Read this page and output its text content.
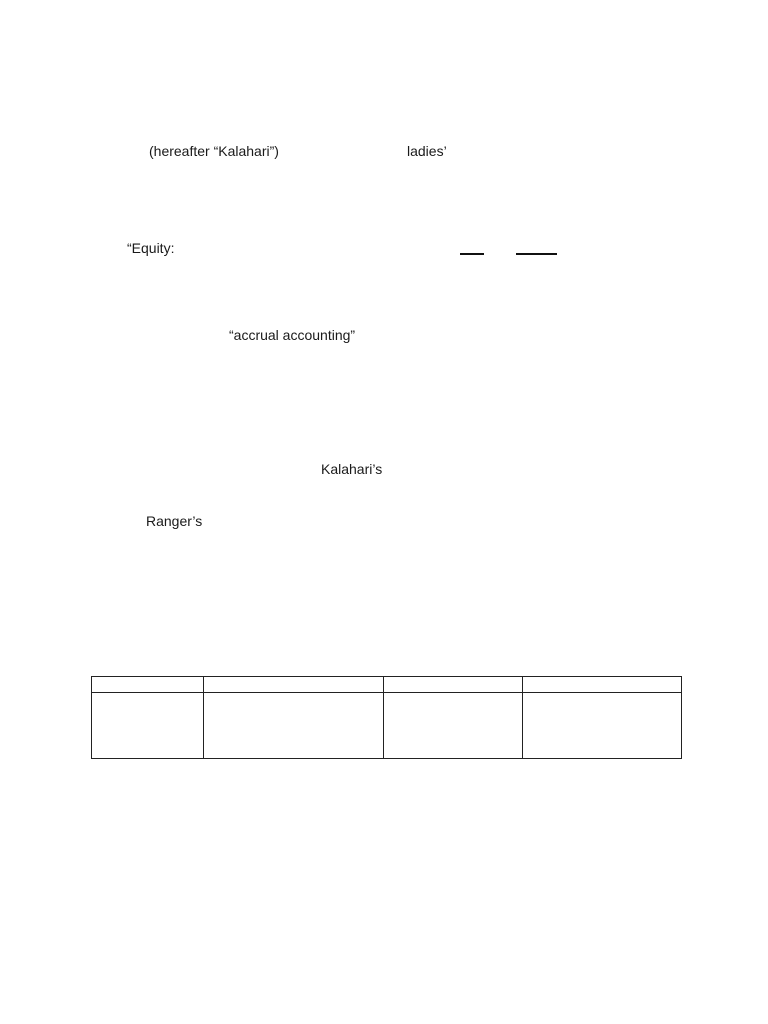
(hereafter “Kalahari”)	ladies’
“Equity:
“accrual accounting”
Kalahari’s
Ranger’s
